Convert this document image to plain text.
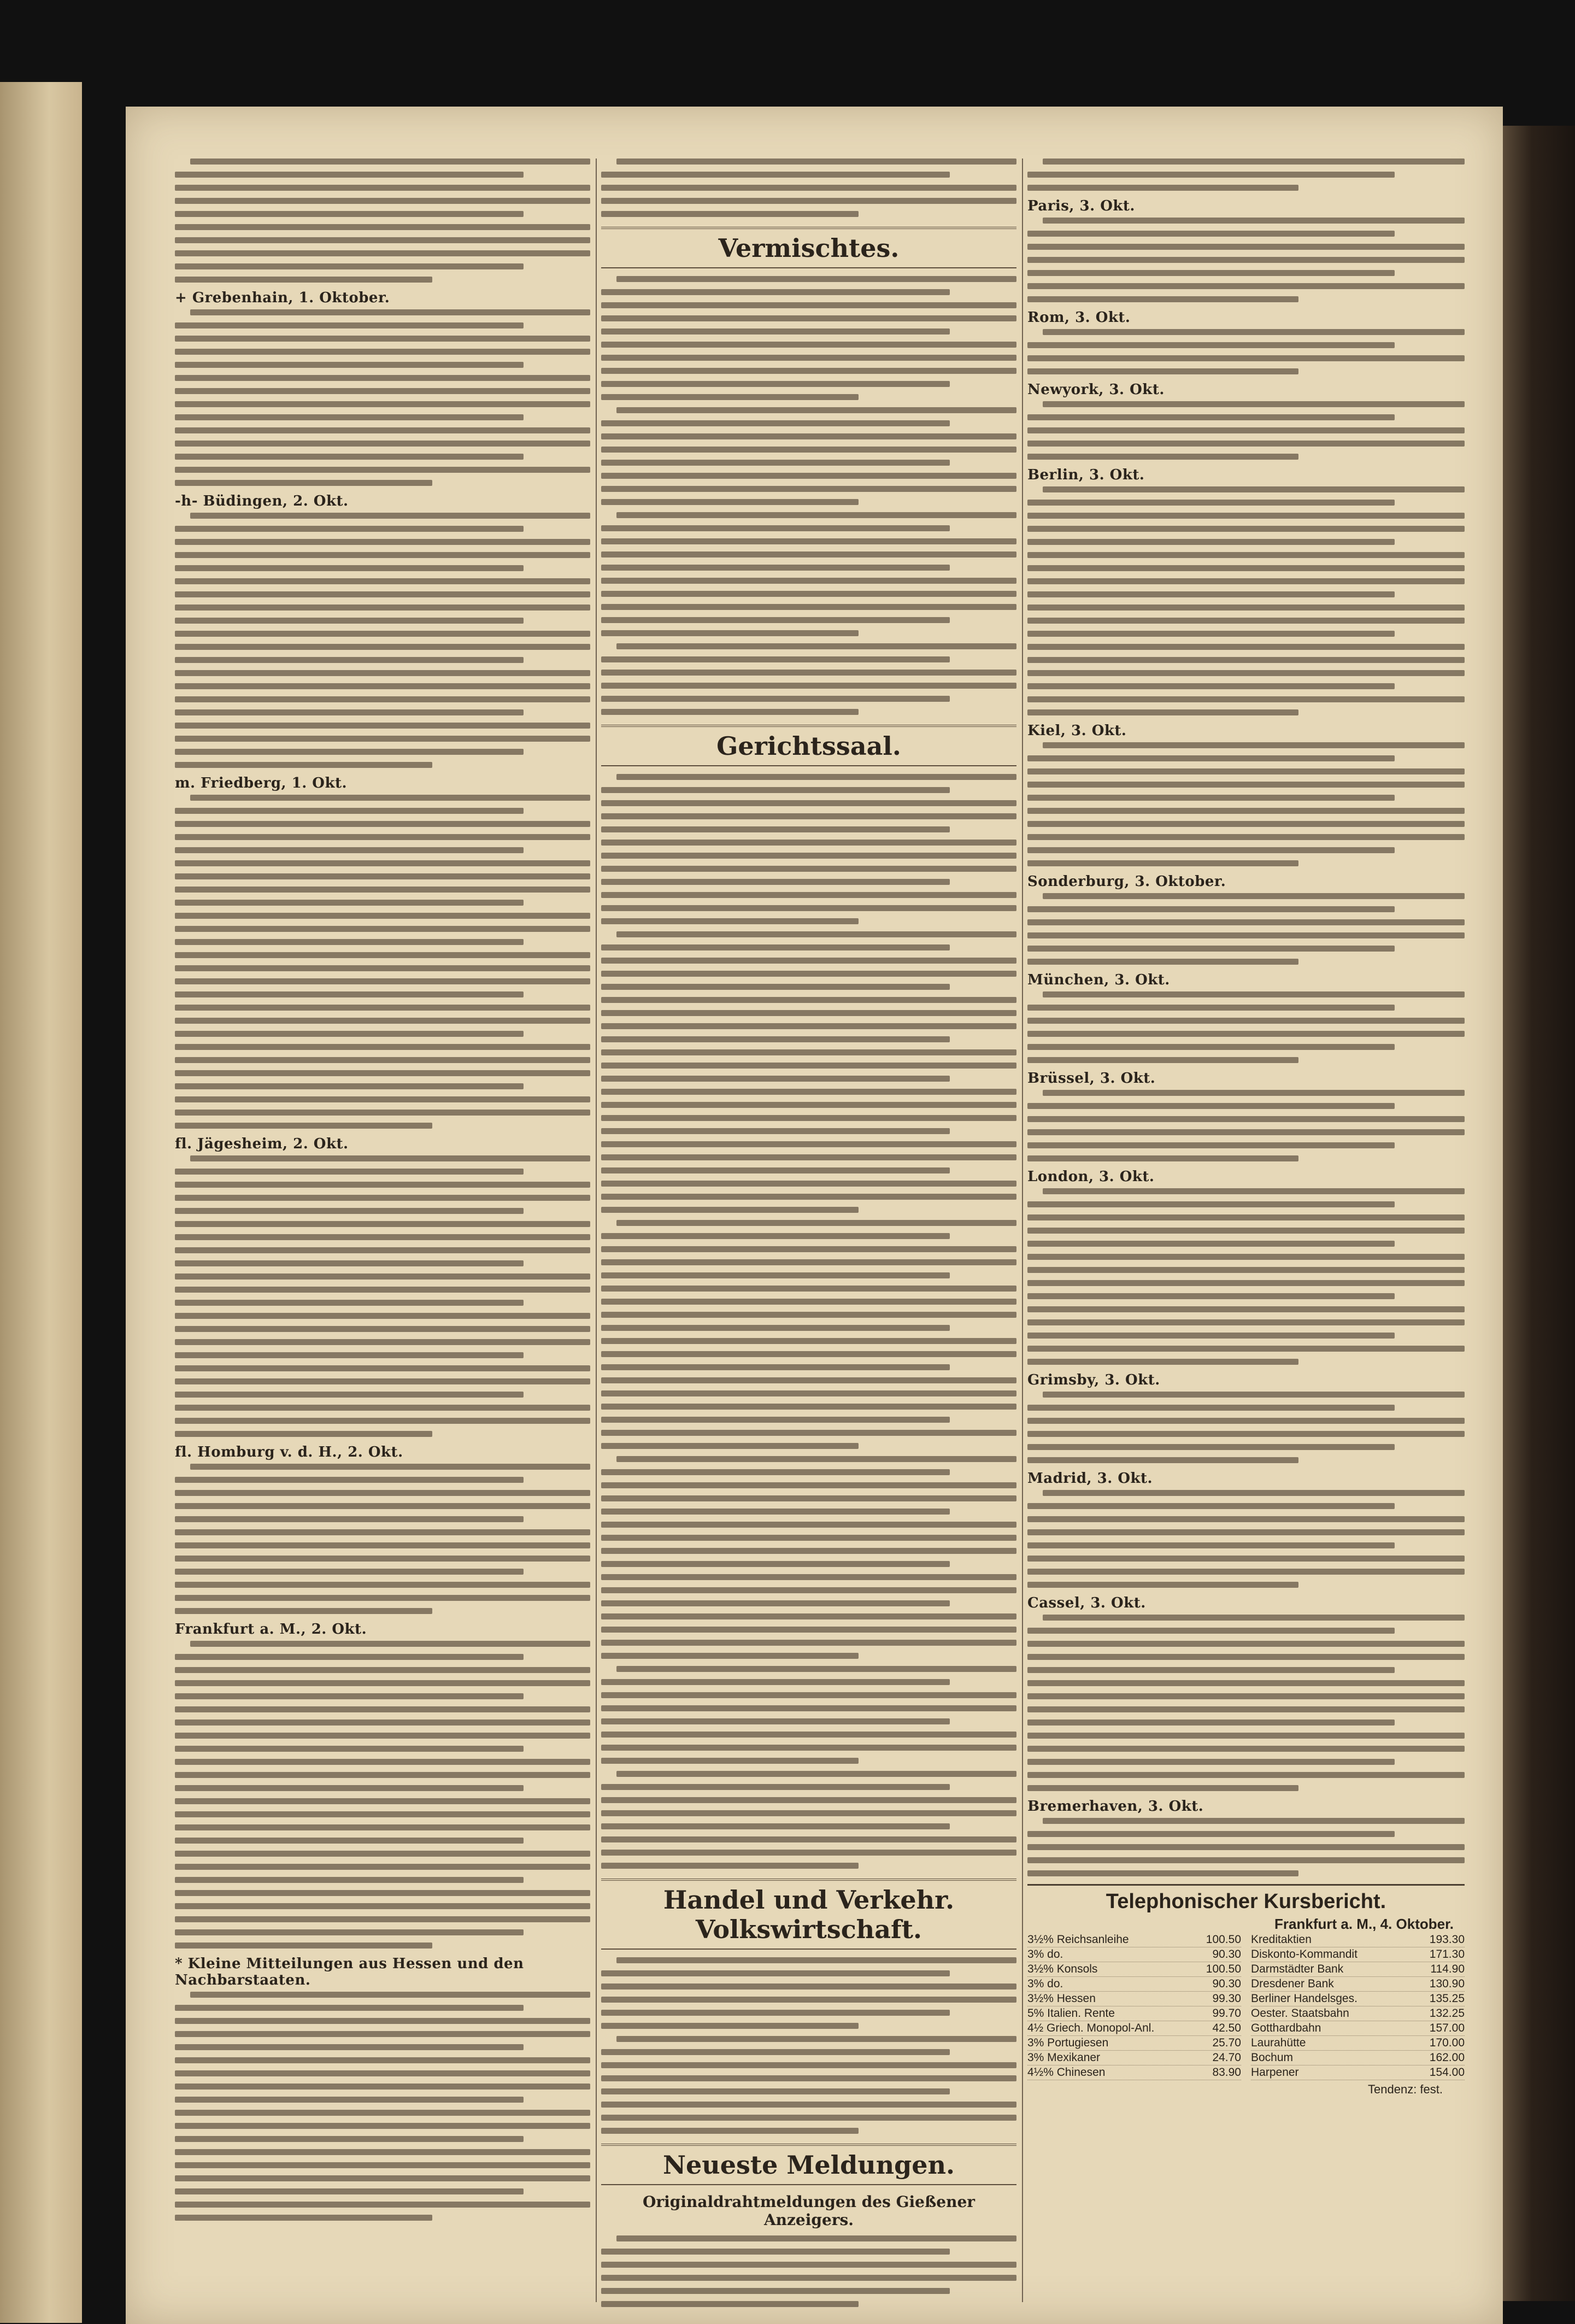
+ Grebenhain, 1. Oktober.
-h- Büdingen, 2. Okt.
m. Friedberg, 1. Okt.
fl. Jägesheim, 2. Okt.
fl. Homburg v. d. H., 2. Okt.
Frankfurt a. M., 2. Okt.
* Kleine Mitteilungen aus Hessen und den Nachbarstaaten.
Vermischtes.
Gerichtssaal.
Handel und Verkehr. Volkswirtschaft.
Neueste Meldungen.
Originaldrahtmeldungen des Gießener Anzeigers.
Paris, 3. Okt.
Rom, 3. Okt.
Newyork, 3. Okt.
Berlin, 3. Okt.
Kiel, 3. Okt.
Sonderburg, 3. Oktober.
München, 3. Okt.
Brüssel, 3. Okt.
London, 3. Okt.
Grimsby, 3. Okt.
Madrid, 3. Okt.
Cassel, 3. Okt.
Bremerhaven, 3. Okt.
Telephonischer Kursbericht.
Frankfurt a. M., 4. Oktober.
3½% Reichsanleihe	100.50
3% do.	90.30
3½% Konsols	100.50
3% do.	90.30
3½% Hessen	99.30
5% Italien. Rente	99.70
4½ Griech. Monopol-Anl.	42.50
3% Portugiesen	25.70
3% Mexikaner	24.70
4½% Chinesen	83.90
Kreditaktien	193.30
Diskonto-Kommandit	171.30
Darmstädter Bank	114.90
Dresdener Bank	130.90
Berliner Handelsges.	135.25
Oester. Staatsbahn	132.25
Gotthardbahn	157.00
Laurahütte	170.00
Bochum	162.00
Harpener	154.00
Tendenz: fest.
